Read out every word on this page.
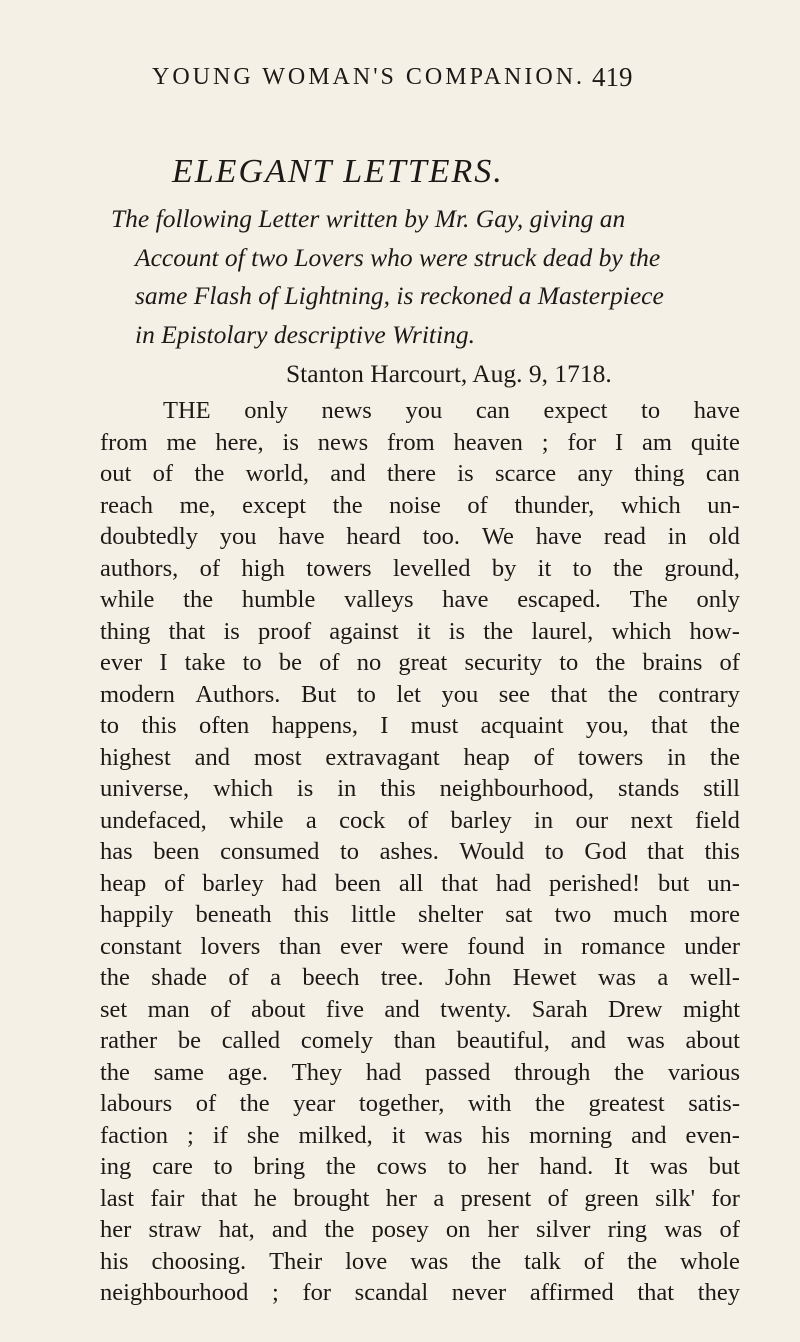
YOUNG WOMAN'S COMPANION. 419
ELEGANT LETTERS.
The following Letter written by Mr. Gay, giving an
Account of two Lovers who were struck dead by the
same Flash of Lightning, is reckoned a Masterpiece
in Epistolary descriptive Writing.
Stanton Harcourt, Aug. 9, 1718.
THE only news you can expect to have
from me here, is news from heaven ; for I am quite
out of the world, and there is scarce any thing can
reach me, except the noise of thunder, which un-
doubtedly you have heard too. We have read in old
authors, of high towers levelled by it to the ground,
while the humble valleys have escaped. The only
thing that is proof against it is the laurel, which how-
ever I take to be of no great security to the brains of
modern Authors. But to let you see that the contrary
to this often happens, I must acquaint you, that the
highest and most extravagant heap of towers in the
universe, which is in this neighbourhood, stands still
undefaced, while a cock of barley in our next field
has been consumed to ashes. Would to God that this
heap of barley had been all that had perished! but un-
happily beneath this little shelter sat two much more
constant lovers than ever were found in romance under
the shade of a beech tree. John Hewet was a well-
set man of about five and twenty. Sarah Drew might
rather be called comely than beautiful, and was about
the same age. They had passed through the various
labours of the year together, with the greatest satis-
faction ; if she milked, it was his morning and even-
ing care to bring the cows to her hand. It was but
last fair that he brought her a present of green silk' for
her straw hat, and the posey on her silver ring was of
his choosing. Their love was the talk of the whole
neighbourhood ; for scandal never affirmed that they
